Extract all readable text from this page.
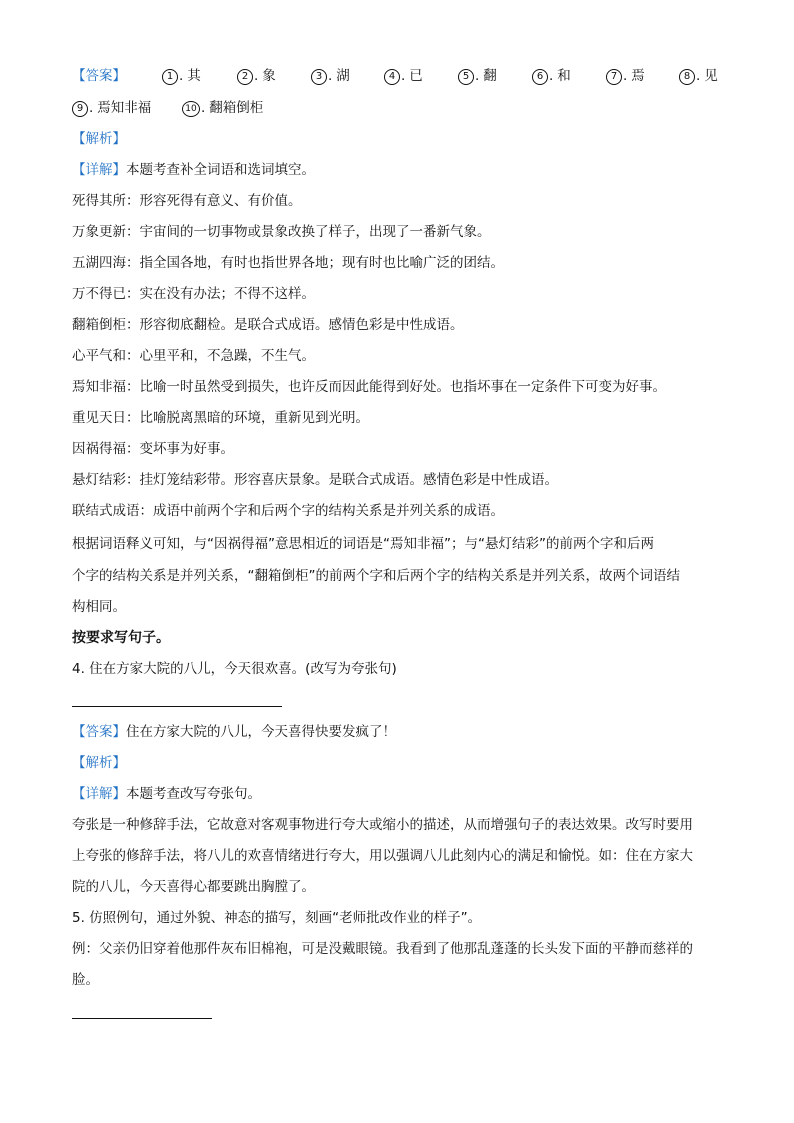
【答案】	1 . 其	2 . 象	3 . 湖	4 . 已	5 . 翻	6 . 和	7 . 焉	8 . 见
9 . 焉知非福	10 . 翻箱倒柜
【解析】
【详解】本题考查补全词语和选词填空。
死得其所：形容死得有意义、有价值。
万象更新：宇宙间的一切事物或景象改换了样子，出现了一番新气象。
五湖四海：指全国各地，有时也指世界各地；现有时也比喻广泛的团结。
万不得已：实在没有办法；不得不这样。
翻箱倒柜：形容彻底翻检。是联合式成语。感情色彩是中性成语。
心平气和：心里平和，不急躁，不生气。
焉知非福：比喻一时虽然受到损失，也许反而因此能得到好处。也指坏事在一定条件下可变为好事。
重见天日：比喻脱离黑暗的环境，重新见到光明。
因祸得福：变坏事为好事。
悬灯结彩：挂灯笼结彩带。形容喜庆景象。是联合式成语。感情色彩是中性成语。
联结式成语：成语中前两个字和后两个字的结构关系是并列关系的成语。
根据词语释义可知，与“因祸得福”意思相近的词语是“焉知非福”；与“悬灯结彩”的前两个字和后两
个字的结构关系是并列关系，“翻箱倒柜”的前两个字和后两个字的结构关系是并列关系，故两个词语结
构相同。
按要求写句子。
4. 住在方家大院的八儿，今天很欢喜。(改写为夸张句)
【答案】住在方家大院的八儿，今天喜得快要发疯了！
【解析】
【详解】本题考查改写夸张句。
夸张是一种修辞手法，它故意对客观事物进行夸大或缩小的描述，从而增强句子的表达效果。改写时要用
上夸张的修辞手法，将八儿的欢喜情绪进行夸大，用以强调八儿此刻内心的满足和愉悦。如：住在方家大
院的八儿，今天喜得心都要跳出胸膛了。
5. 仿照例句，通过外貌、神态的描写，刻画“老师批改作业的样子”。
例：父亲仍旧穿着他那件灰布旧棉袍，可是没戴眼镜。我看到了他那乱蓬蓬的长头发下面的平静而慈祥的
脸。
